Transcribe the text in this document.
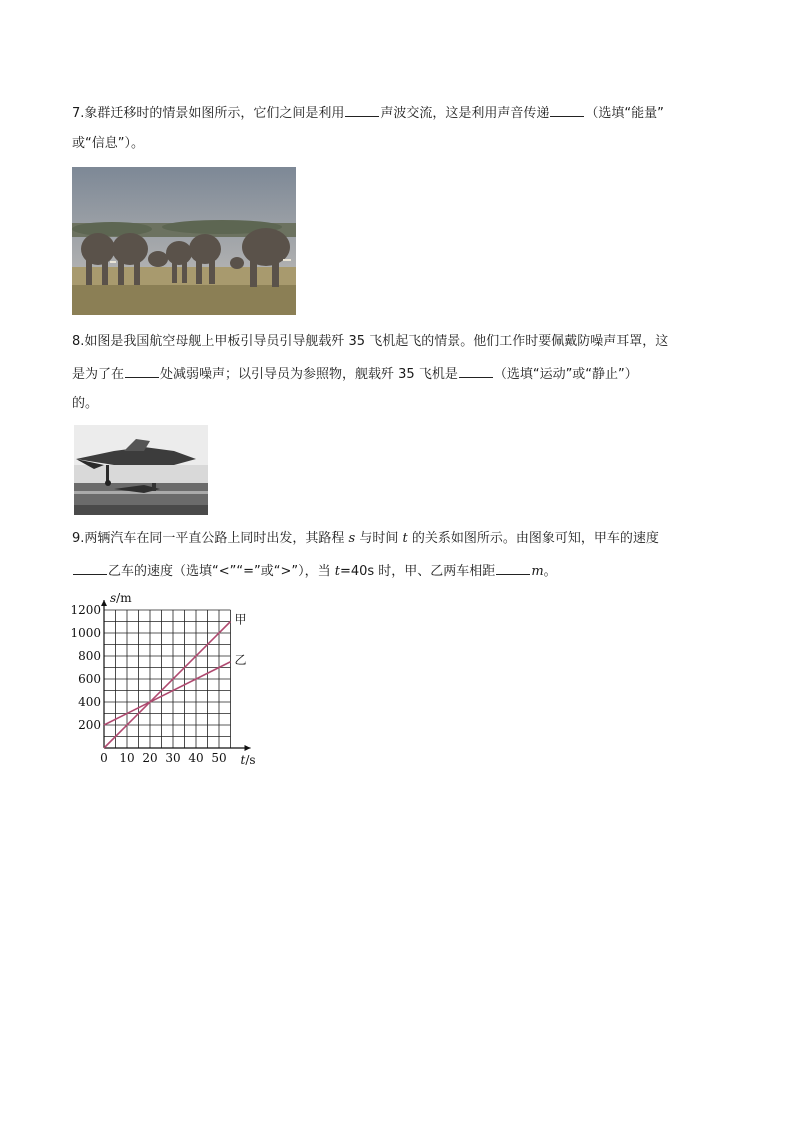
7.象群迁移时的情景如图所示，它们之间是利用	声波交流，这是利用声音传递	（选填“能量”
或“信息”）。
8.如图是我国航空母舰上甲板引导员引导舰载歼 35 飞机起飞的情景。他们工作时要佩戴防噪声耳罩，这
是为了在	处减弱噪声；以引导员为参照物，舰载歼 35 飞机是	（选填“运动”或“静止”）
的。
9.两辆汽车在同一平直公路上同时出发，其路程 s 与时间 t 的关系如图所示。由图象可知，甲车的速度
乙车的速度（选填“<”“=”或“>”），当 t=40s 时，甲、乙两车相距	m。
0 10 20 30 40 50
200
400
600
800
1000
1200
t/s
s/m
甲
乙
